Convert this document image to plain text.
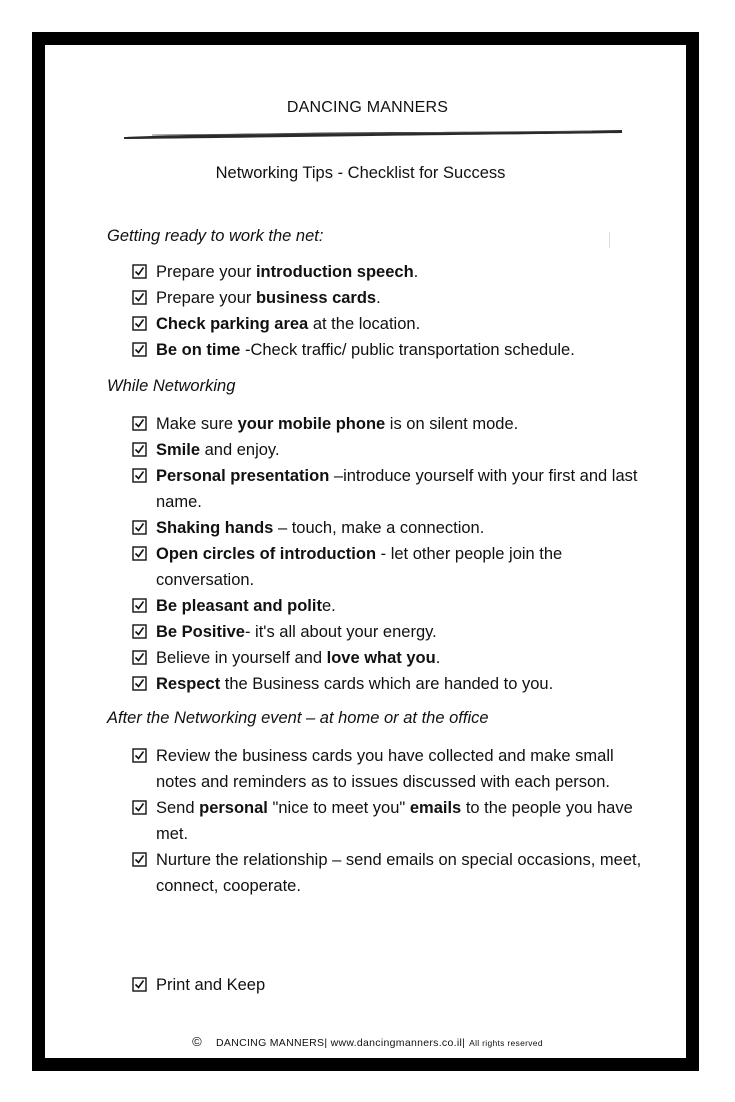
DANCING MANNERS
Networking Tips - Checklist for Success
Getting ready to work the net:
Prepare your introduction speech.
Prepare your business cards.
Check parking area at the location.
Be on time -Check traffic/ public transportation schedule.
While Networking
Make sure your mobile phone is on silent mode.
Smile and enjoy.
Personal presentation –introduce yourself with your first and last name.
Shaking hands – touch, make a connection.
Open circles of introduction - let other people join the conversation.
Be pleasant and polite.
Be Positive- it's all about your energy.
Believe in yourself and love what you.
Respect the Business cards which are handed to you.
After the Networking event – at home or at the office
Review the business cards you have collected and make small notes and reminders as to issues discussed with each person.
Send personal "nice to meet you" emails to the people you have met.
Nurture the relationship – send emails on special occasions, meet, connect, cooperate.
Print and Keep
© DANCING MANNERS| www.dancingmanners.co.il| All rights reserved
